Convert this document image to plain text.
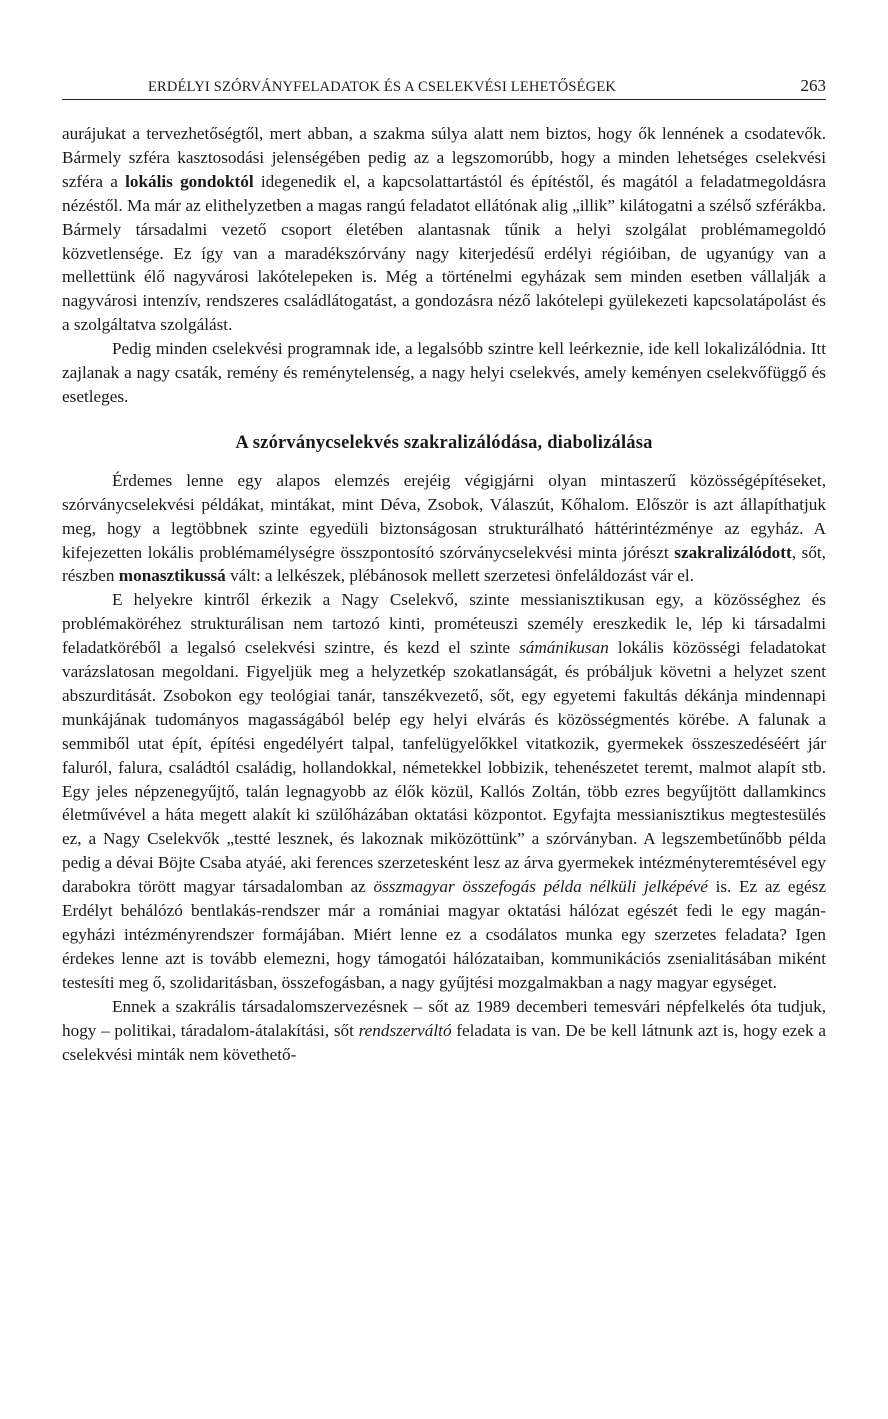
ERDÉLYI SZÓRVÁNYFELADATOK ÉS A CSELEKVÉSI LEHETŐSÉGEK	263

aurájukat a tervezhetőségtől, mert abban, a szakma súlya alatt nem biztos, hogy ők lennének a csodatevők. Bármely szféra kasztosodási jelenségében pedig az a legszomorúbb, hogy a minden lehetséges cselekvési szféra a lokális gondoktól idegenedik el, a kapcsolattartástól és építéstől, és magától a feladatmegoldásra nézéstől. Ma már az elithelyzetben a magas rangú feladatot ellátónak alig „illik” kilátogatni a szélső szférákba. Bármely társadalmi vezető csoport életében alantasnak tűnik a helyi szolgálat problémamegoldó közvetlensége. Ez így van a maradékszórvány nagy kiterjedésű erdélyi régióiban, de ugyanúgy van a mellettünk élő nagyvárosi lakótelepeken is. Még a történelmi egyházak sem minden esetben vállalják a nagyvárosi intenzív, rendszeres családlátogatást, a gondozásra néző lakótelepi gyülekezeti kapcsolatápolást és a szolgáltatva szolgálást.

Pedig minden cselekvési programnak ide, a legalsóbb szintre kell leérkeznie, ide kell lokalizálódnia. Itt zajlanak a nagy csaták, remény és reménytelenség, a nagy helyi cselekvés, amely keményen cselekvőfüggő és esetleges.

A szórványcselekvés szakralizálódása, diabolizálása

Érdemes lenne egy alapos elemzés erejéig végigjárni olyan mintaszerű közösségépítéseket, szórványcselekvési példákat, mintákat, mint Déva, Zsobok, Válaszút, Kőhalom. Először is azt állapíthatjuk meg, hogy a legtöbbnek szinte egyedüli biztonságosan strukturálható háttérintézménye az egyház. A kifejezetten lokális problémamélységre összpontosító szórványcselekvési minta jórészt szakralizálódott, sőt, részben monasztikussá vált: a lelkészek, plébánosok mellett szerzetesi önfeláldozást vár el.

E helyekre kintről érkezik a Nagy Cselekvő, szinte messianisztikusan egy, a közösséghez és problémaköréhez strukturálisan nem tartozó kinti, prométeuszi személy ereszkedik le, lép ki társadalmi feladatköréből a legalsó cselekvési szintre, és kezd el szinte sámánikusan lokális közösségi feladatokat varázslatosan megoldani. Figyeljük meg a helyzetkép szokatlanságát, és próbáljuk követni a helyzet szent abszurditását. Zsobokon egy teológiai tanár, tanszékvezető, sőt, egy egyetemi fakultás dékánja mindennapi munkájának tudományos magasságából belép egy helyi elvárás és közösségmentés körébe. A falunak a semmiből utat épít, építési engedélyért talpal, tanfelügyelőkkel vitatkozik, gyermekek összeszedéséért jár faluról, falura, családtól családig, hollandokkal, németekkel lobbizik, tehenészetet teremt, malmot alapít stb. Egy jeles népzenegyűjtő, talán legnagyobb az élők közül, Kallós Zoltán, több ezres begyűjtött dallamkincs életművével a háta megett alakít ki szülőházában oktatási központot. Egyfajta messianisztikus megtestesülés ez, a Nagy Cselekvők „testté lesznek, és lakoznak miközöttünk” a szórványban. A legszembetűnőbb példa pedig a dévai Böjte Csaba atyáé, aki ferences szerzetesként lesz az árva gyermekek intézményteremtésével egy darabokra törött magyar társadalomban az összmagyar összefogás példa nélküli jelképévé is. Ez az egész Erdélyt behálózó bentlakás-rendszer már a romániai magyar oktatási hálózat egészét fedi le egy magán-egyházi intézményrendszer formájában. Miért lenne ez a csodálatos munka egy szerzetes feladata? Igen érdekes lenne azt is tovább elemezni, hogy támogatói hálózataiban, kommunikációs zsenialitásában miként testesíti meg ő, szolidaritásban, összefogásban, a nagy gyűjtési mozgalmakban a nagy magyar egységet.

Ennek a szakrális társadalomszervezésnek – sőt az 1989 decemberi temesvári népfelkelés óta tudjuk, hogy – politikai, táradalom-átalakítási, sőt rendszerváltó feladata is van. De be kell látnunk azt is, hogy ezek a cselekvési minták nem követhető-
